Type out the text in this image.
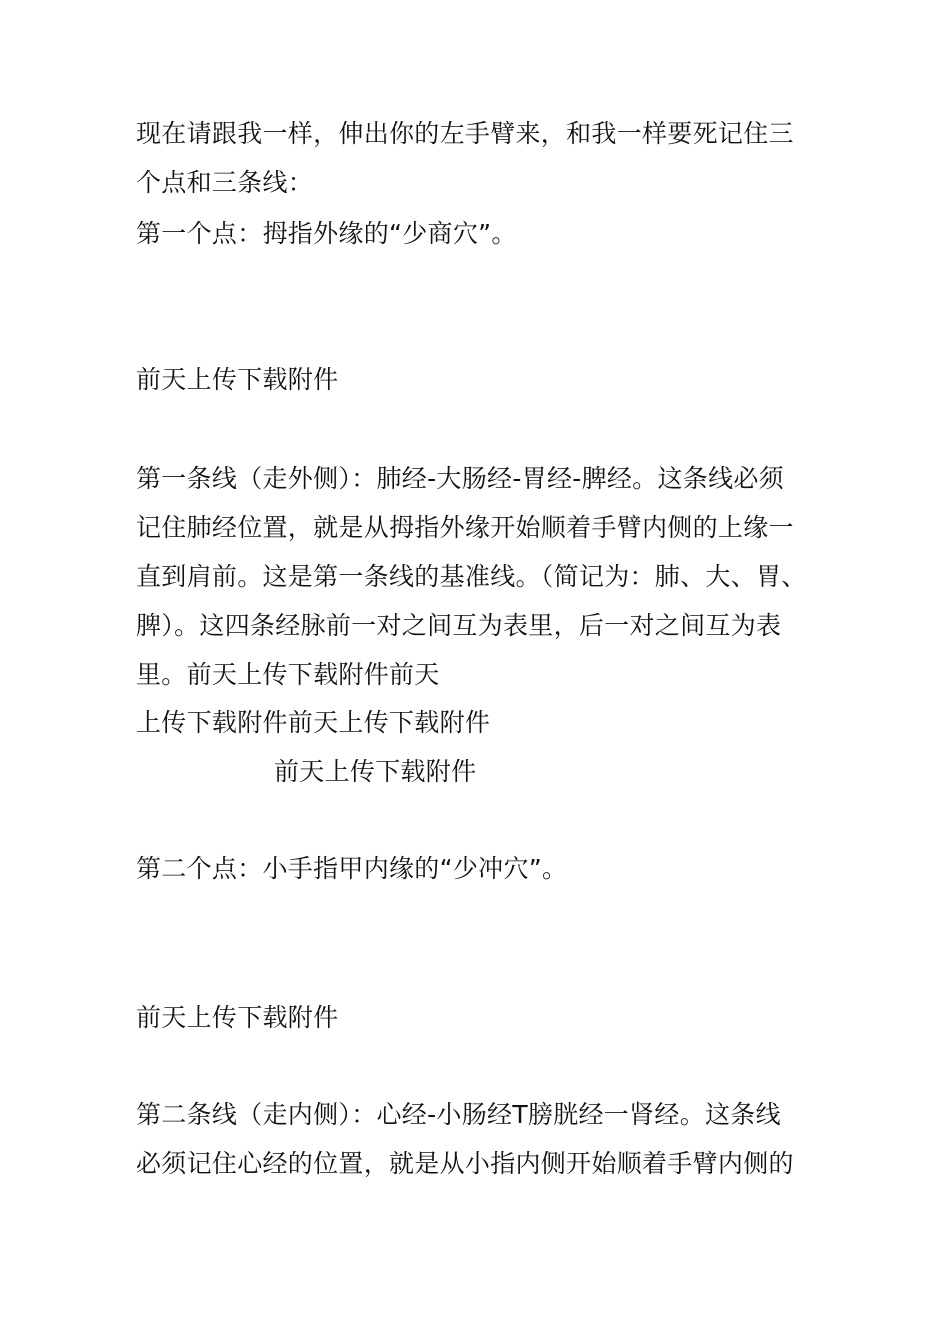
现在请跟我一样，伸出你的左手臂来，和我一样要死记住三

个点和三条线：

第一个点：拇指外缘的“少商穴”。

前天上传下载附件

第一条线（走外侧）：肺经-大肠经-胃经-脾经。这条线必须

记住肺经位置，就是从拇指外缘开始顺着手臂内侧的上缘一

直到肩前。这是第一条线的基准线。（简记为：肺、大、胃、

脾）。这四条经脉前一对之间互为表里，后一对之间互为表

里。前天上传下载附件前天

上传下载附件前天上传下载附件

前天上传下载附件

第二个点：小手指甲内缘的“少冲穴”。

前天上传下载附件

第二条线（走内侧）：心经-小肠经T膀胱经一肾经。这条线

必须记住心经的位置，就是从小指内侧开始顺着手臂内侧的
